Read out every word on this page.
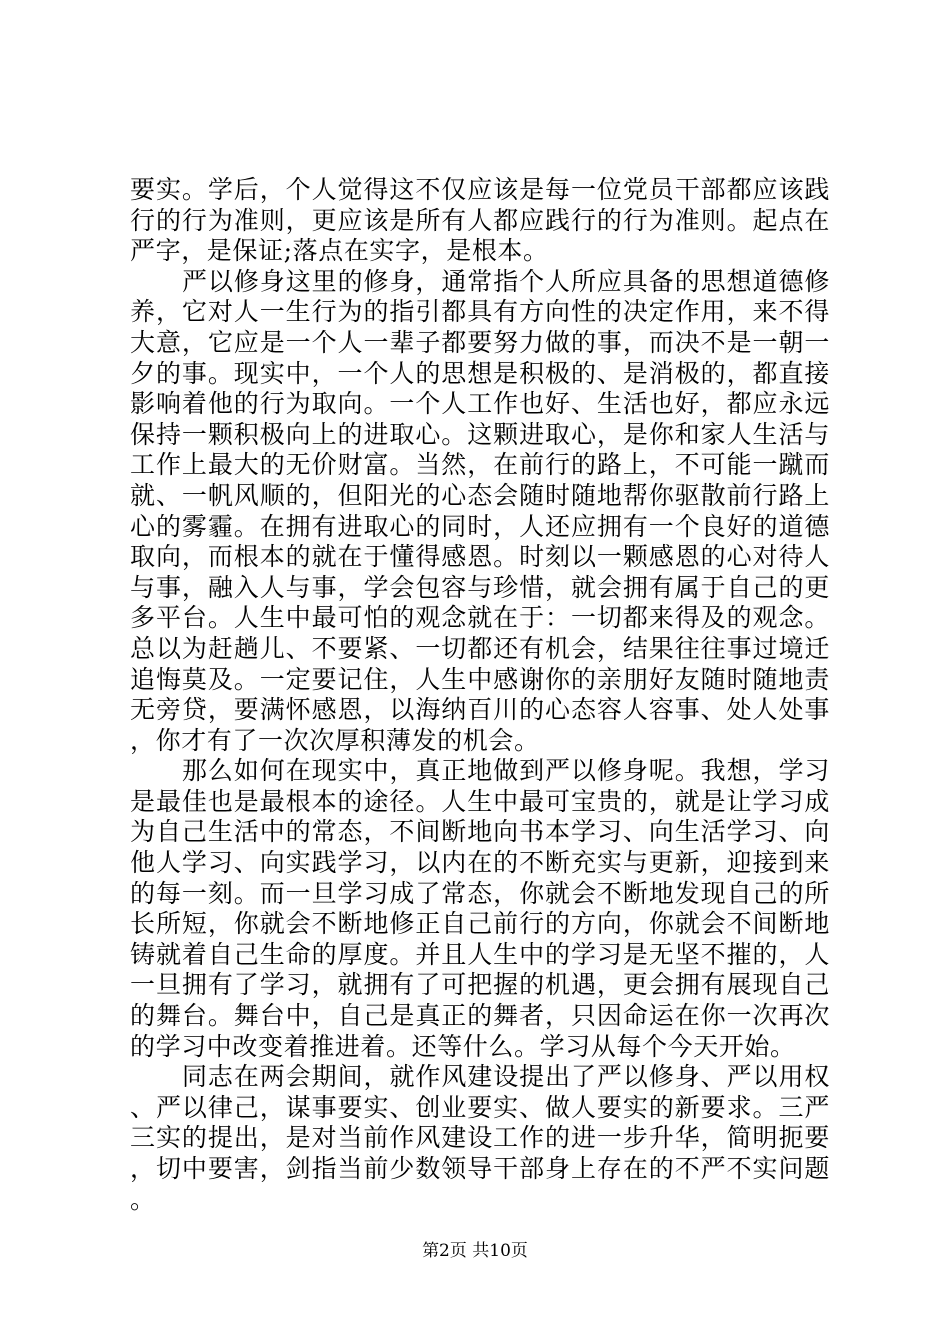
要实。学后，个人觉得这不仅应该是每一位党员干部都应该践行的行为准则，更应该是所有人都应践行的行为准则。起点在严字，是保证;落点在实字，是根本。

严以修身这里的修身，通常指个人所应具备的思想道德修养，它对人一生行为的指引都具有方向性的决定作用，来不得大意，它应是一个人一辈子都要努力做的事，而决不是一朝一夕的事。现实中，一个人的思想是积极的、是消极的，都直接影响着他的行为取向。一个人工作也好、生活也好，都应永远保持一颗积极向上的进取心。这颗进取心，是你和家人生活与工作上最大的无价财富。当然，在前行的路上，不可能一蹴而就、一帆风顺的，但阳光的心态会随时随地帮你驱散前行路上心的雾霾。在拥有进取心的同时，人还应拥有一个良好的道德取向，而根本的就在于懂得感恩。时刻以一颗感恩的心对待人与事，融入人与事，学会包容与珍惜，就会拥有属于自己的更多平台。人生中最可怕的观念就在于：一切都来得及的观念。总以为赶趟儿、不要紧、一切都还有机会，结果往往事过境迁追悔莫及。一定要记住，人生中感谢你的亲朋好友随时随地责无旁贷，要满怀感恩，以海纳百川的心态容人容事、处人处事，你才有了一次次厚积薄发的机会。

那么如何在现实中，真正地做到严以修身呢。我想，学习是最佳也是最根本的途径。人生中最可宝贵的，就是让学习成为自己生活中的常态，不间断地向书本学习、向生活学习、向他人学习、向实践学习，以内在的不断充实与更新，迎接到来的每一刻。而一旦学习成了常态，你就会不断地发现自己的所长所短，你就会不断地修正自己前行的方向，你就会不间断地铸就着自己生命的厚度。并且人生中的学习是无坚不摧的，人一旦拥有了学习，就拥有了可把握的机遇，更会拥有展现自己的舞台。舞台中，自己是真正的舞者，只因命运在你一次再次的学习中改变着推进着。还等什么。学习从每个今天开始。

同志在两会期间，就作风建设提出了严以修身、严以用权、严以律己，谋事要实、创业要实、做人要实的新要求。三严三实的提出，是对当前作风建设工作的进一步升华，简明扼要，切中要害，剑指当前少数领导干部身上存在的不严不实问题。

第2页 共10页
